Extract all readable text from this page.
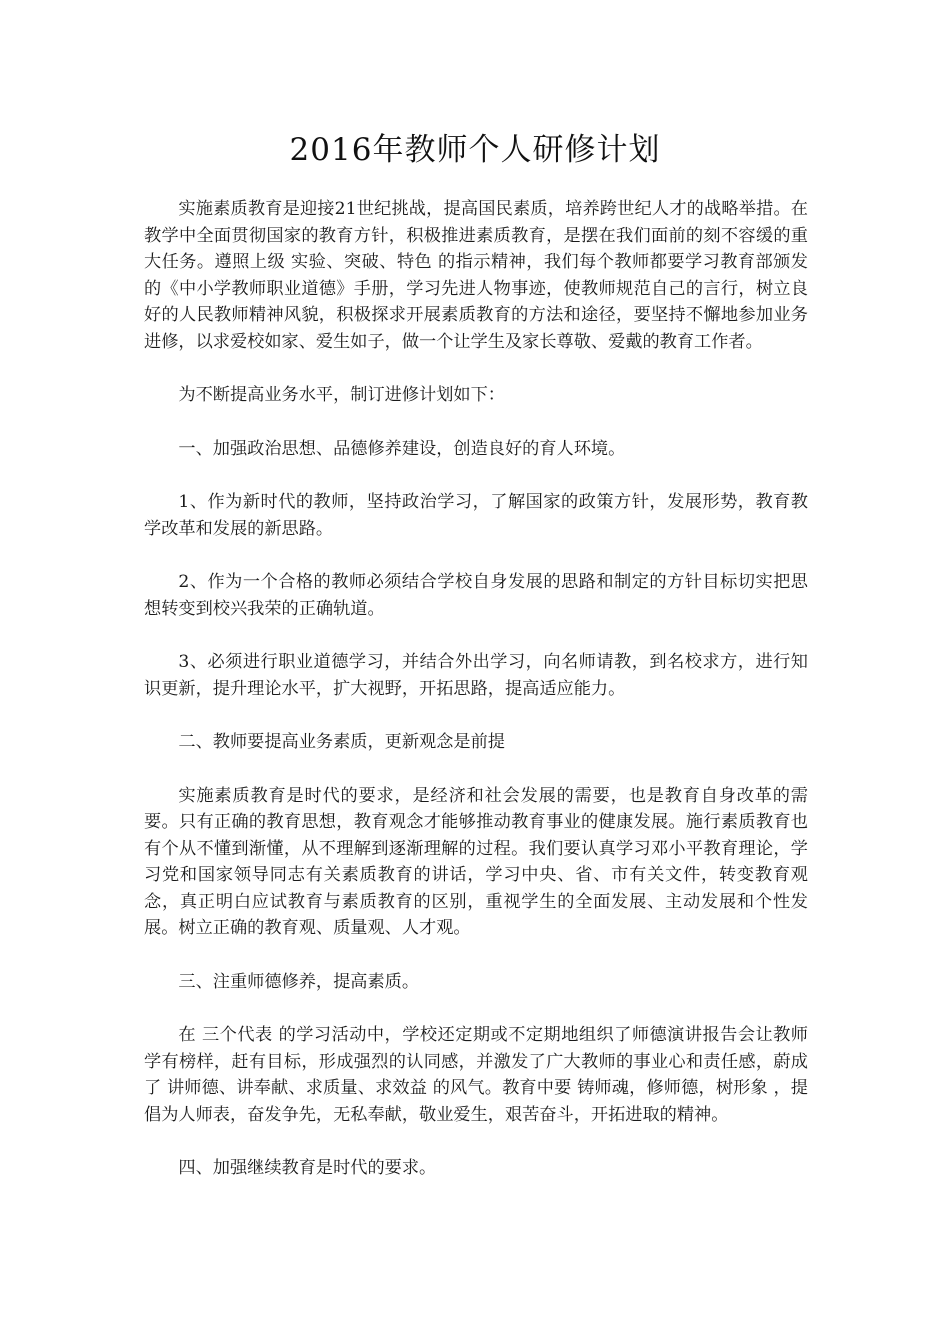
2016年教师个人研修计划

实施素质教育是迎接21世纪挑战，提高国民素质，培养跨世纪人才的战略举措。在教学中全面贯彻国家的教育方针，积极推进素质教育，是摆在我们面前的刻不容缓的重大任务。遵照上级 实验、突破、特色 的指示精神，我们每个教师都要学习教育部颁发的《中小学教师职业道德》手册，学习先进人物事迹，使教师规范自己的言行，树立良好的人民教师精神风貌，积极探求开展素质教育的方法和途径，要坚持不懈地参加业务进修，以求爱校如家、爱生如子，做一个让学生及家长尊敬、爱戴的教育工作者。

为不断提高业务水平，制订进修计划如下：

一、加强政治思想、品德修养建设，创造良好的育人环境。

1、作为新时代的教师，坚持政治学习，了解国家的政策方针，发展形势，教育教学改革和发展的新思路。

2、作为一个合格的教师必须结合学校自身发展的思路和制定的方针目标切实把思想转变到校兴我荣的正确轨道。

3、必须进行职业道德学习，并结合外出学习，向名师请教，到名校求方，进行知识更新，提升理论水平，扩大视野，开拓思路，提高适应能力。

二、教师要提高业务素质，更新观念是前提

实施素质教育是时代的要求，是经济和社会发展的需要，也是教育自身改革的需要。只有正确的教育思想，教育观念才能够推动教育事业的健康发展。施行素质教育也有个从不懂到渐懂，从不理解到逐渐理解的过程。我们要认真学习邓小平教育理论，学习党和国家领导同志有关素质教育的讲话，学习中央、省、市有关文件，转变教育观念，真正明白应试教育与素质教育的区别，重视学生的全面发展、主动发展和个性发展。树立正确的教育观、质量观、人才观。

三、注重师德修养，提高素质。

在 三个代表 的学习活动中，学校还定期或不定期地组织了师德演讲报告会让教师学有榜样，赶有目标，形成强烈的认同感，并激发了广大教师的事业心和责任感，蔚成了 讲师德、讲奉献、求质量、求效益 的风气。教育中要 铸师魂，修师德，树形象 ，提倡为人师表，奋发争先，无私奉献，敬业爱生，艰苦奋斗，开拓进取的精神。

四、加强继续教育是时代的要求。
